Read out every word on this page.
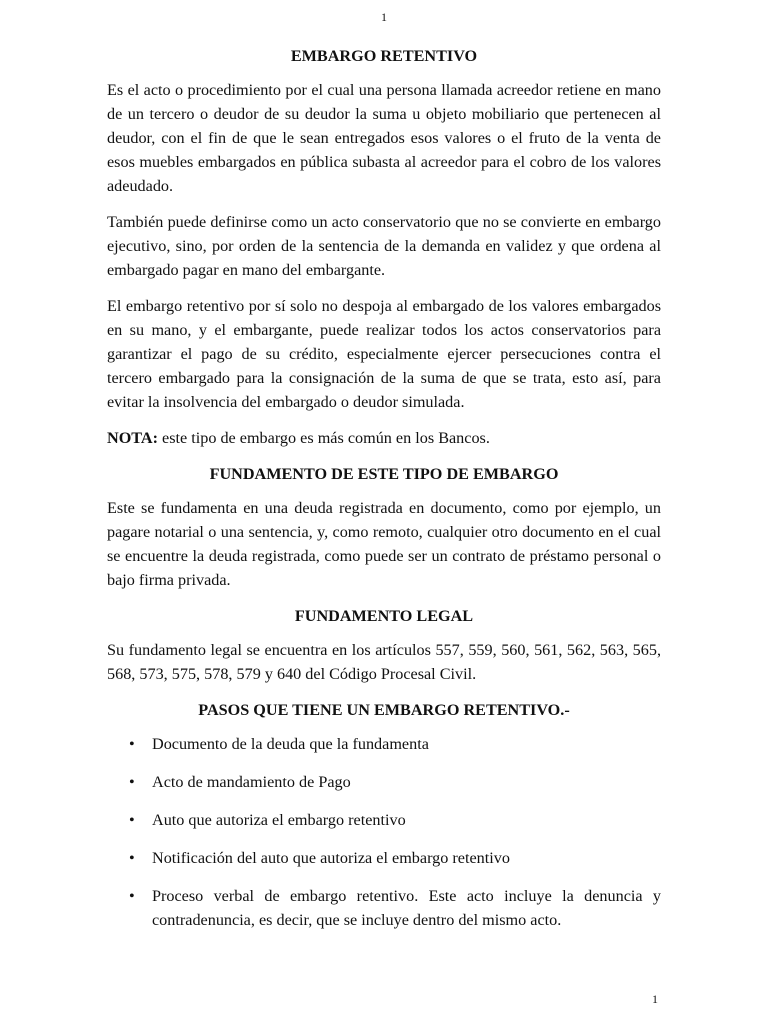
1
EMBARGO RETENTIVO

Es el acto o procedimiento por el cual una persona llamada acreedor retiene en mano de un tercero o deudor de su deudor la suma u objeto mobiliario que pertenecen al deudor, con el fin de que le sean entregados esos valores o el fruto de la venta de esos muebles embargados en pública subasta al acreedor para el cobro de los valores adeudado.

También puede definirse como un acto conservatorio que no se convierte en embargo ejecutivo, sino, por orden de la sentencia de la demanda en validez y que ordena al embargado pagar en mano del embargante.

El embargo retentivo por sí solo no despoja al embargado de los valores embargados en su mano, y el embargante, puede realizar todos los actos conservatorios para garantizar el pago de su crédito, especialmente ejercer persecuciones contra el tercero embargado para la consignación de la suma de que se trata, esto así, para evitar la insolvencia del embargado o deudor simulada.

NOTA: este tipo de embargo es más común en los Bancos.

FUNDAMENTO DE ESTE TIPO DE EMBARGO

Este se fundamenta en una deuda registrada en documento, como por ejemplo, un pagare notarial o una sentencia, y, como remoto, cualquier otro documento en el cual se encuentre la deuda registrada, como puede ser un contrato de préstamo personal o bajo firma privada.

FUNDAMENTO LEGAL

Su fundamento legal se encuentra en los artículos 557, 559, 560, 561, 562, 563, 565, 568, 573, 575, 578, 579 y 640 del Código Procesal Civil.

PASOS QUE TIENE UN EMBARGO RETENTIVO.-
• Documento de la deuda que la fundamenta
• Acto de mandamiento de Pago
• Auto que autoriza el embargo retentivo
• Notificación del auto que autoriza el embargo retentivo
• Proceso verbal de embargo retentivo. Este acto incluye la denuncia y contradenuncia, es decir, que se incluye dentro del mismo acto.
1
